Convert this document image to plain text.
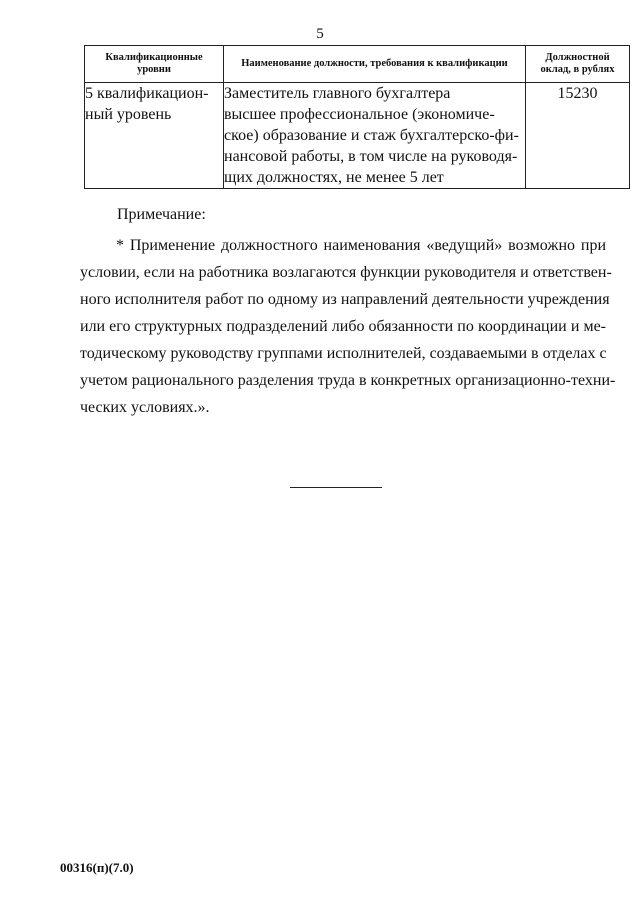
5
Квалификационные уровни	Наименование должности, требования к квалификации	Должностной оклад, в рублях

5 квалификацион-
ный уровень	Заместитель главного бухгалтера
высшее профессиональное (экономиче-
ское) образование и стаж бухгалтерско-фи-
нансовой работы, в том числе на руководя-
щих должностях, не менее 5 лет	15230
Примечание:
* Применение должностного наименования «ведущий» возможно при
условии, если на работника возлагаются функции руководителя и ответствен-
ного исполнителя работ по одному из направлений деятельности учреждения
или его структурных подразделений либо обязанности по координации и ме-
тодическому руководству группами исполнителей, создаваемыми в отделах с
учетом рационального разделения труда в конкретных организационно-техни-
ческих условиях.».
00316(п)(7.0)
